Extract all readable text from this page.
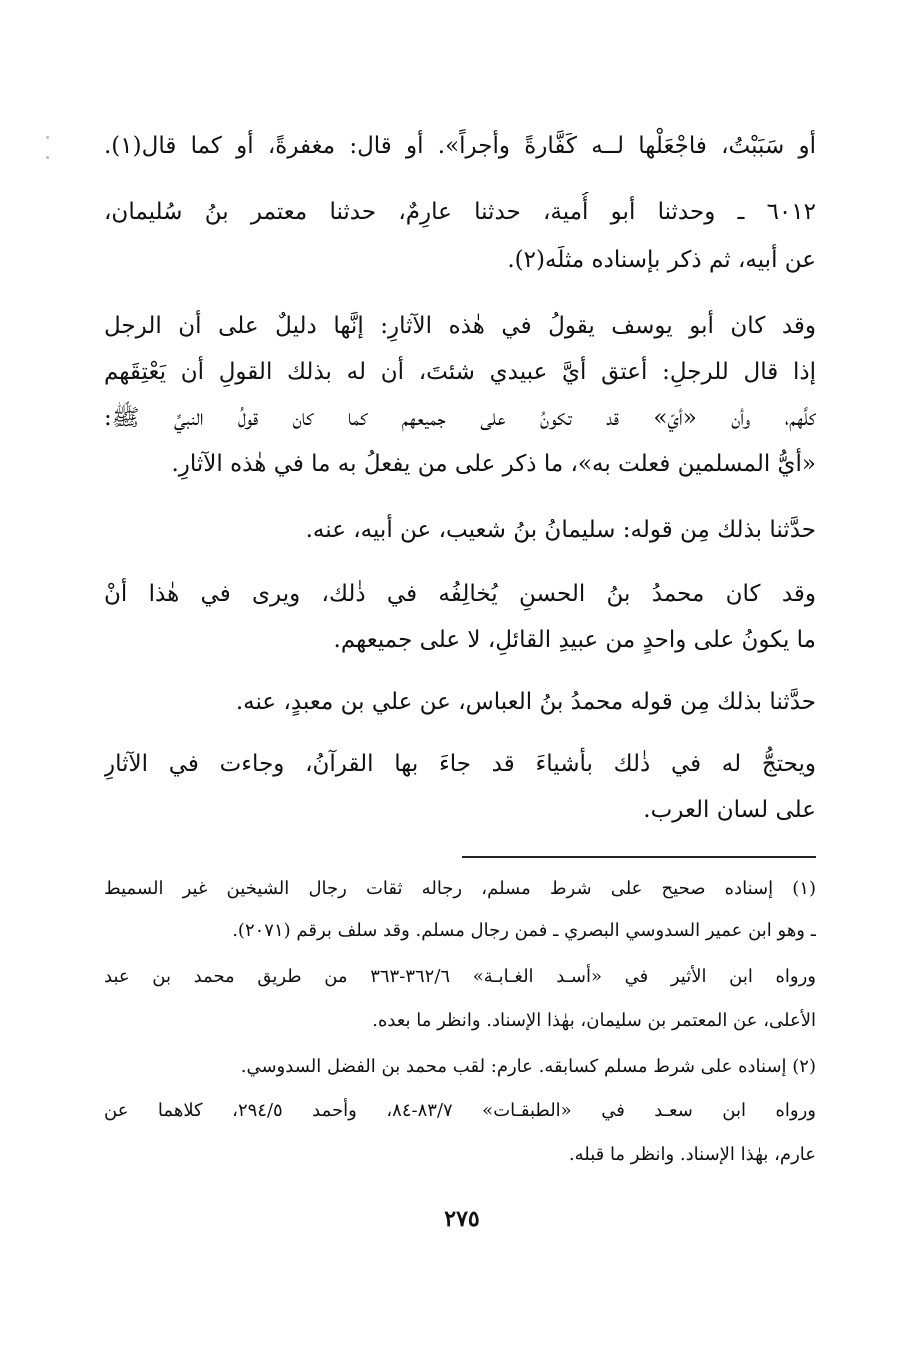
أو سَبَبْتُ، فاجْعَلْها لــه كَفَّارةً وأجراً». أو قال: مغفرةً، أو كما قال(١).
٦٠١٢ ـ وحدثنا أبو أُمية، حدثنا عارِمٌ، حدثنا معتمر بنُ سُليمان،
عن أبيه، ثم ذكر بإسناده مثلَه(٢).
وقد كان أبو يوسف يقولُ في هٰذه الآثارِ: إنَّها دليلٌ على أن الرجل
إذا قال للرجلِ: أعتق أيَّ عبيدي شئتَ، أن له بذلك القولِ أن يَعْتِقَهم
كلَّهم، وأن «أيّ» قد تكونُ على جميعهم كما كان قولُ النبيِّ ﷺ:
«أيُّ المسلمين فعلت به»، ما ذكر على من يفعلُ به ما في هٰذه الآثارِ.
حدَّثنا بذلك مِن قوله: سليمانُ بنُ شعيب، عن أبيه، عنه.
وقد كان محمدُ بنُ الحسنِ يُخالِفُه في ذٰلك، ويرى في هٰذا أنْ
ما يكونُ على واحدٍ من عبيدِ القائلِ، لا على جميعهم.
حدَّثنا بذلك مِن قوله محمدُ بنُ العباس، عن علي بن معبدٍ، عنه.
ويحتجُّ له في ذٰلك بأشياءَ قد جاءَ بها القرآنُ، وجاءت في الآثارِ
على لسان العرب.
(١) إسناده صحيح على شرط مسلم، رجاله ثقات رجال الشيخين غير السميط
ـ وهو ابن عمير السدوسي البصري ـ فمن رجال مسلم. وقد سلف برقم (٢٠٧١).
ورواه ابن الأثير في «أسـد الغـابـة» ٣٦٢/٦-٣٦٣ من طريق محمد بن عبد
الأعلى، عن المعتمر بن سليمان، بهٰذا الإسناد. وانظر ما بعده.
(٢) إسناده على شرط مسلم كسابقه. عارم: لقب محمد بن الفضل السدوسي.
ورواه ابن سعـد في «الطبقـات» ٨٣/٧-٨٤، وأحمد ٢٩٤/٥، كلاهما عن
عارم، بهٰذا الإسناد. وانظر ما قبله.
٢٧٥
